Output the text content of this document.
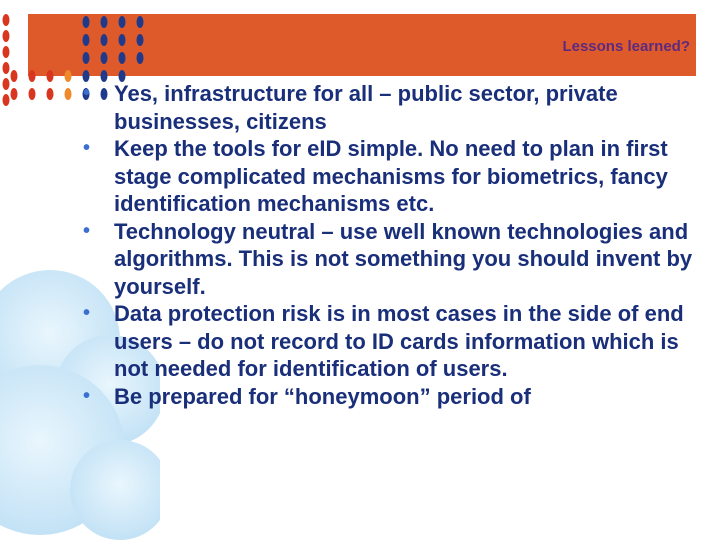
Lessons learned?
• Yes, infrastructure for all – public sector, private businesses, citizens
• Keep the tools for eID simple. No need to plan in first stage complicated mechanisms for biometrics, fancy identification mechanisms etc.
• Technology neutral – use well known technologies and algorithms. This is not something you should invent by yourself.
• Data protection risk is in most cases in the side of end users – do not record to ID cards information which is not needed for identification of users.
• Be prepared for “honeymoon” period of
